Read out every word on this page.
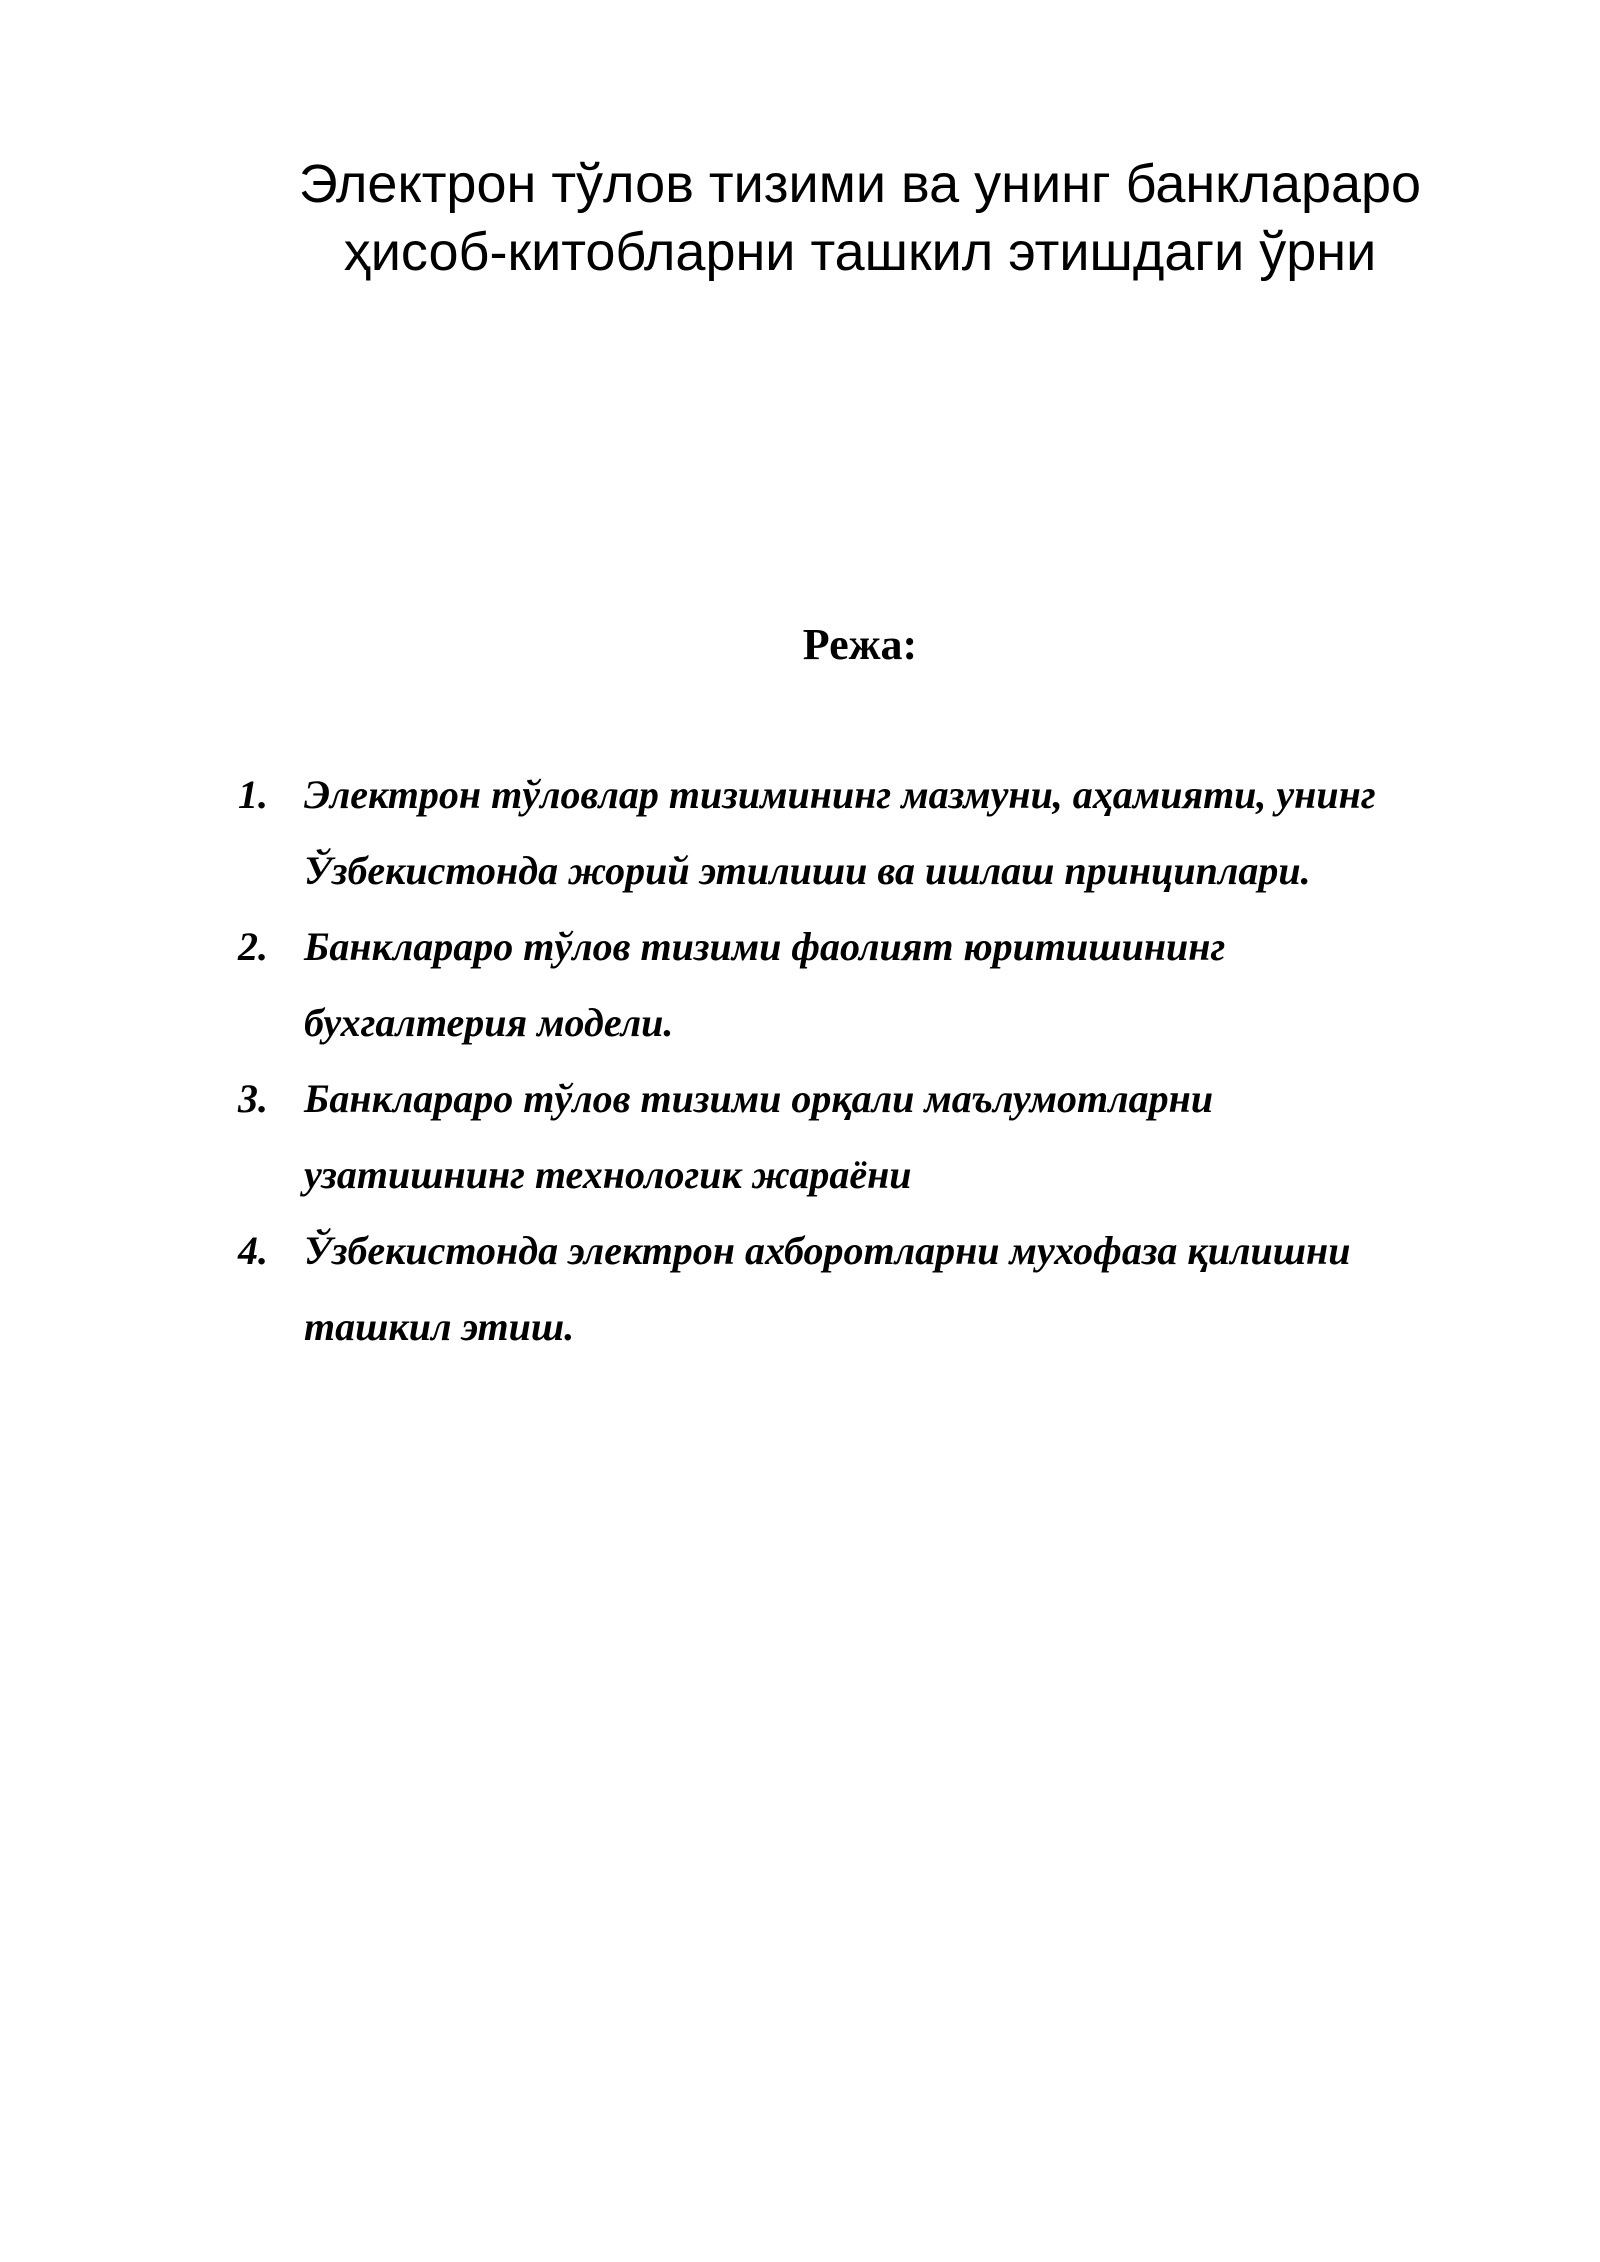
Электрон тўлов тизими ва унинг банклараро
ҳисоб-китобларни ташкил этишдаги ўрни
Режа:
1. Электрон тўловлар тизимининг мазмуни, аҳамияти, унинг
Ўзбекистонда жорий этилиши ва ишлаш принциплари.
2. Банклараро тўлов тизими фаолият юритишининг
бухгалтерия модели.
3. Банклараро тўлов тизими орқали маълумотларни
узатишнинг технологик жараёни
4. Ўзбекистонда электрон ахборотларни мухофаза қилишни
ташкил этиш.
